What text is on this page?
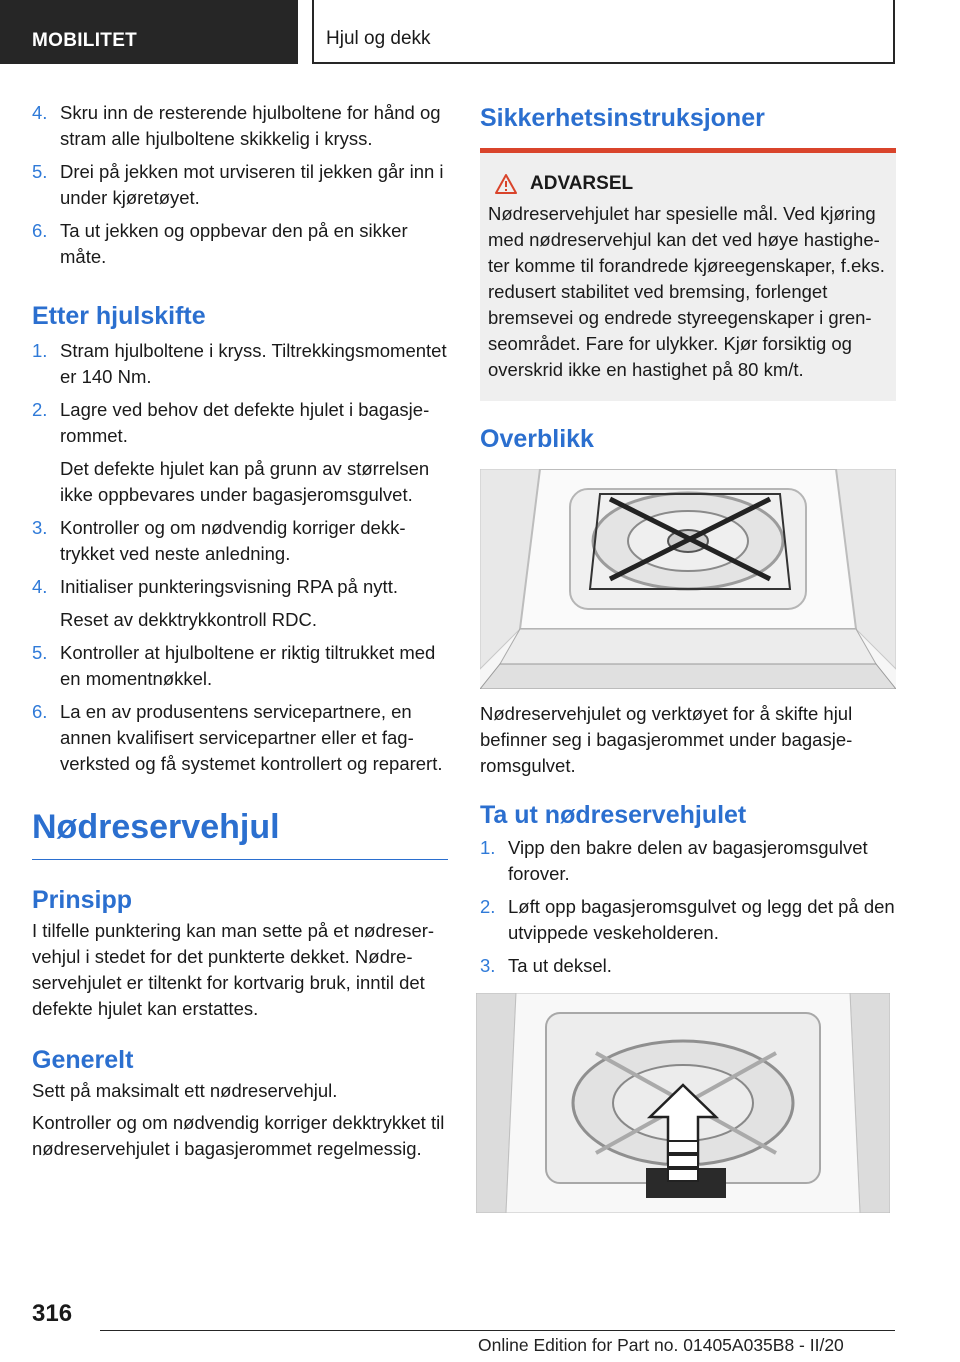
MOBILITET	Hjul og dekk
4. Skru inn de resterende hjulboltene for hånd og stram alle hjulboltene skikkelig i kryss.
5. Drei på jekken mot urviseren til jekken går inn i under kjøretøyet.
6. Ta ut jekken og oppbevar den på en sikker måte.
Etter hjulskifte
1. Stram hjulboltene i kryss. Tiltrekkingsmomentet er 140 Nm.
2. Lagre ved behov det defekte hjulet i bagasjerommet.
Det defekte hjulet kan på grunn av størrelsen ikke oppbevares under bagasjeromsgulvet.
3. Kontroller og om nødvendig korriger dekktrykket ved neste anledning.
4. Initialiser punkteringsvisning RPA på nytt.
Reset av dekktrykkontroll RDC.
5. Kontroller at hjulboltene er riktig tiltrukket med en momentnøkkel.
6. La en av produsentens servicepartnere, en annen kvalifisert servicepartner eller et fagverksted og få systemet kontrollert og reparert.
Nødreservehjul
Prinsipp
I tilfelle punktering kan man sette på et nødreservehjul i stedet for det punkterte dekket. Nødreservehjulet er tiltenkt for kortvarig bruk, inntil det defekte hjulet kan erstattes.
Generelt
Sett på maksimalt ett nødreservehjul.
Kontroller og om nødvendig korriger dekktrykket til nødreservehjulet i bagasjerommet regelmessig.
Sikkerhetsinstruksjoner
ADVARSEL
Nødreservehjulet har spesielle mål. Ved kjøring med nødreservehjul kan det ved høye hastigheter komme til forandrede kjøreegenskaper, f.eks. redusert stabilitet ved bremsing, forlenget bremsevei og endrede styreegenskaper i grenseområdet. Fare for ulykker. Kjør forsiktig og overskrid ikke en hastighet på 80 km/t.
Overblikk
Nødreservehjulet og verktøyet for å skifte hjul befinner seg i bagasjerommet under bagasjeromsgulvet.
Ta ut nødreservehjulet
1. Vipp den bakre delen av bagasjeromsgulvet forover.
2. Løft opp bagasjeromsgulvet og legg det på den utvippede veskeholderen.
3. Ta ut deksel.
316
Online Edition for Part no. 01405A035B8 - II/20
